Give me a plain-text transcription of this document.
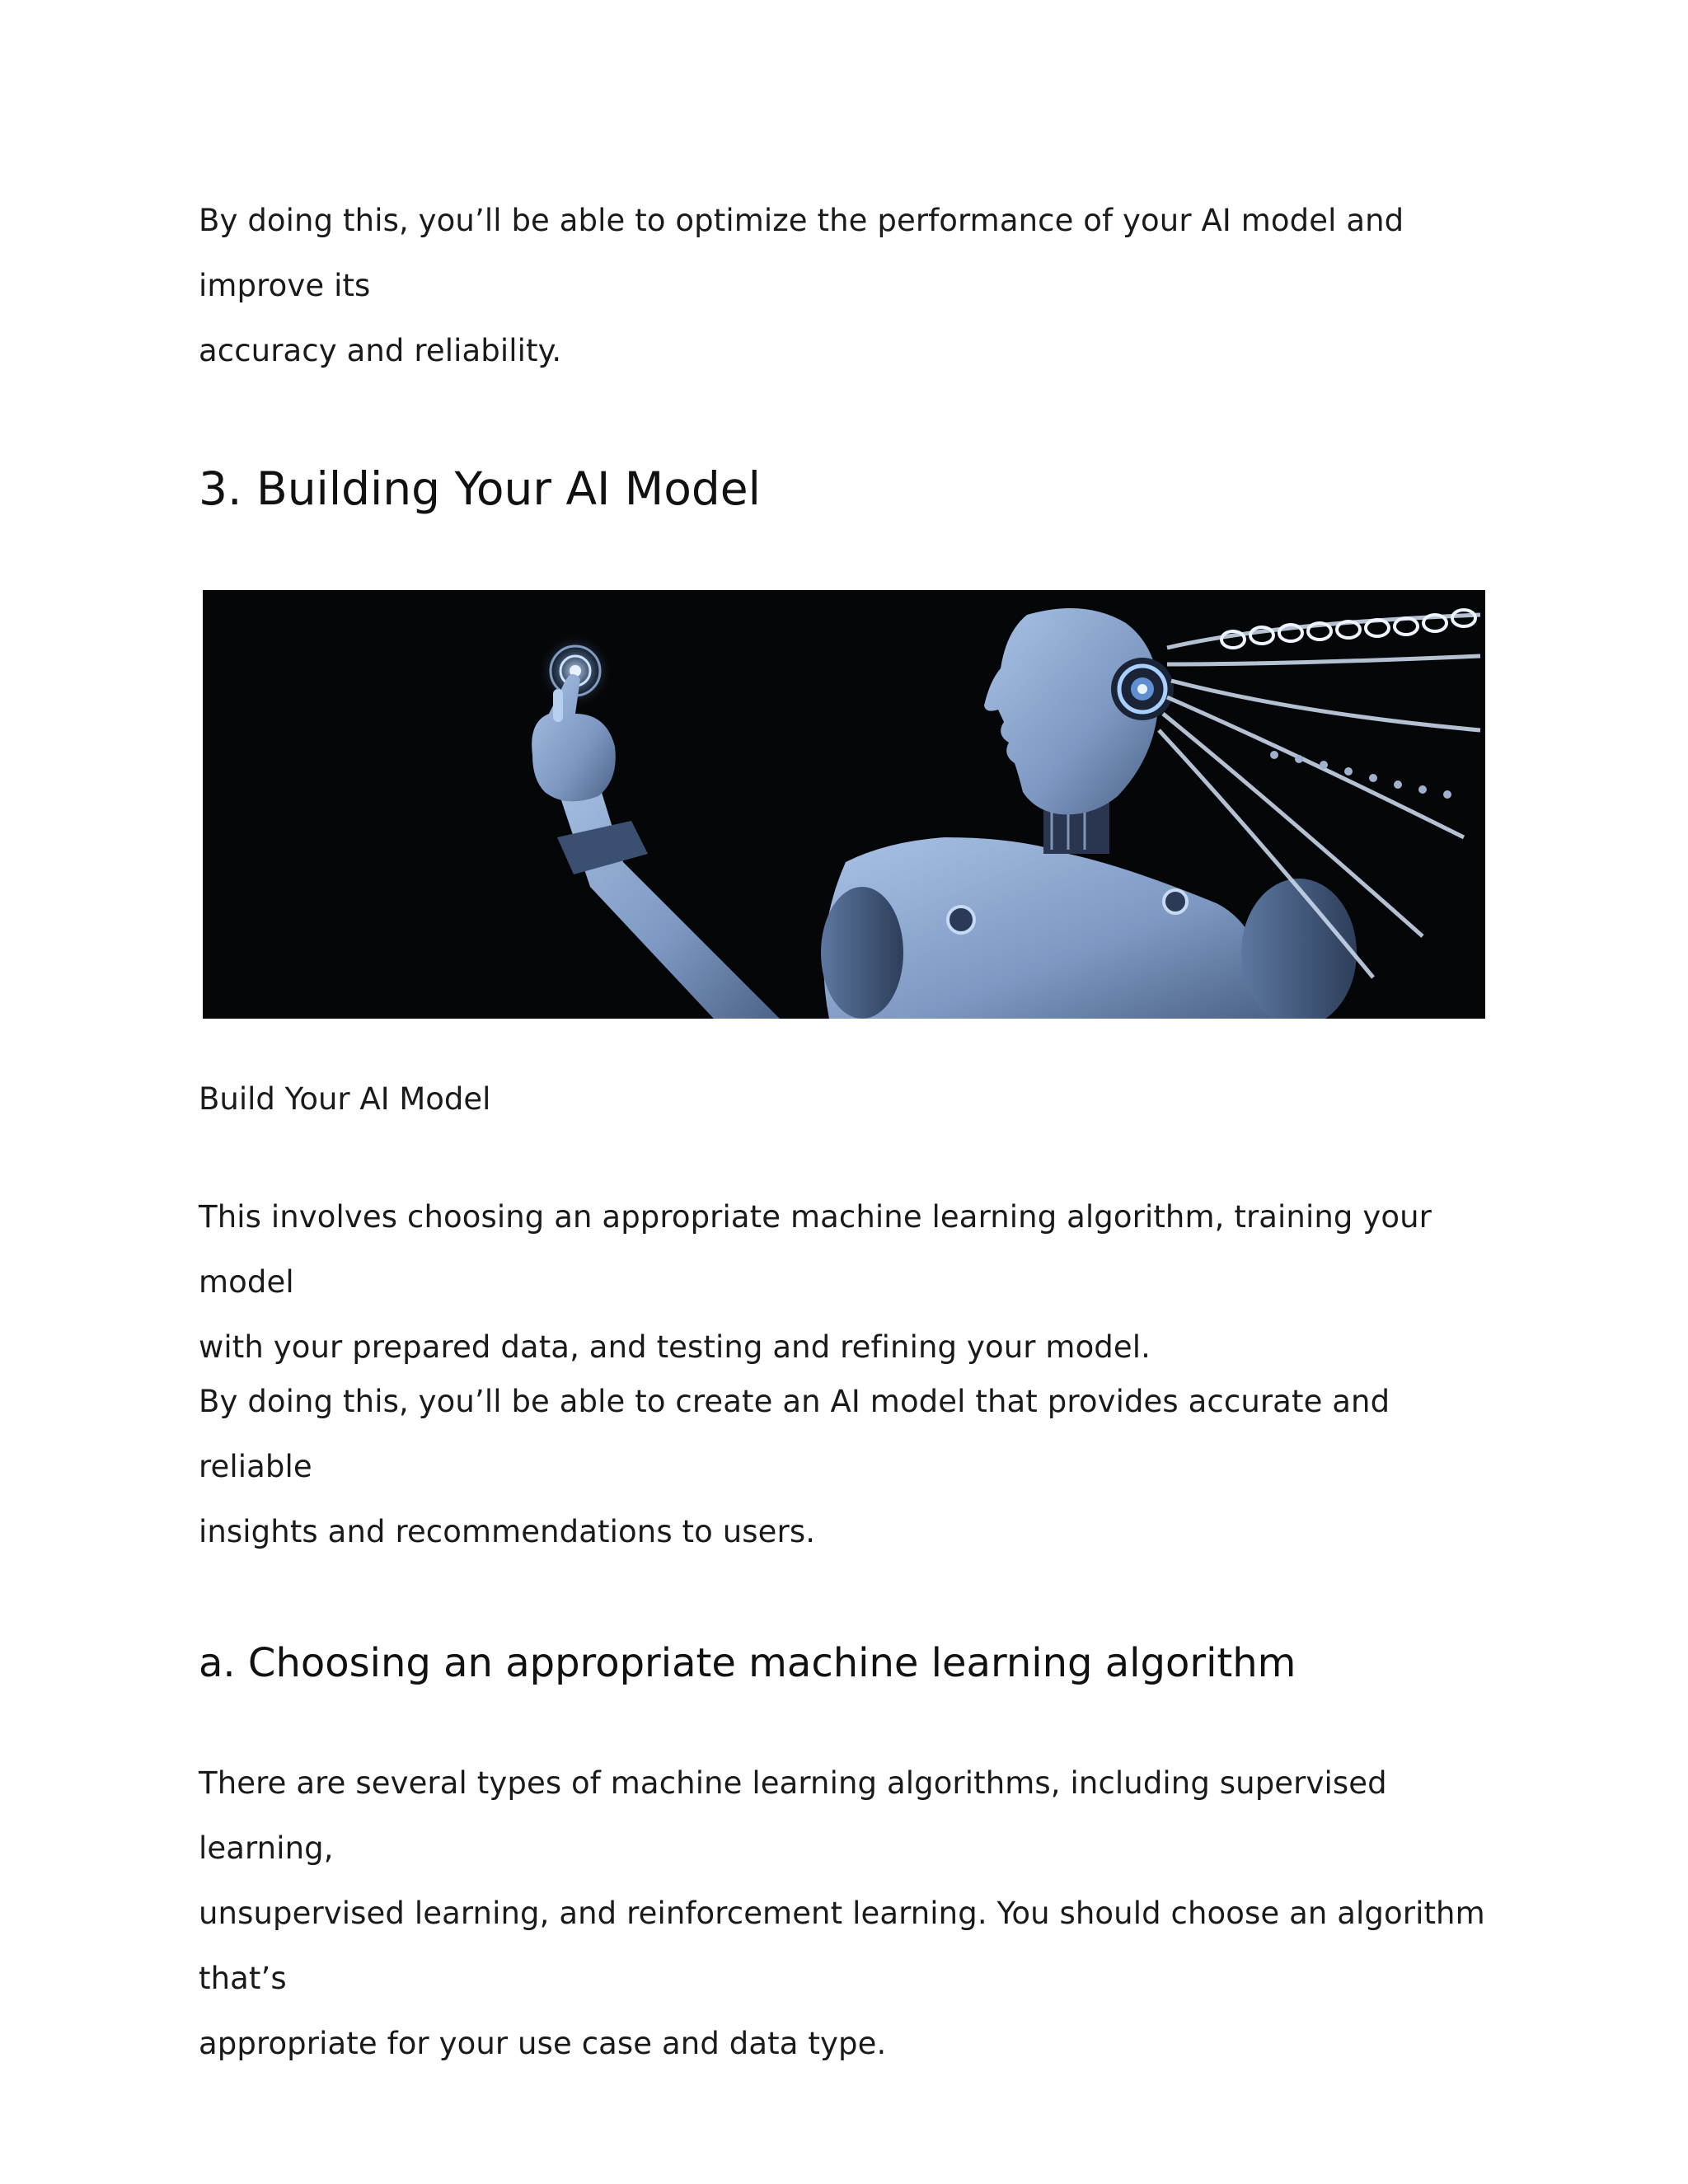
By doing this, you’ll be able to optimize the performance of your AI model and improve its

accuracy and reliability.

3. Building Your AI Model

Build Your AI Model

This involves choosing an appropriate machine learning algorithm, training your model

with your prepared data, and testing and refining your model.

By doing this, you’ll be able to create an AI model that provides accurate and reliable

insights and recommendations to users.

a. Choosing an appropriate machine learning algorithm

There are several types of machine learning algorithms, including supervised learning,

unsupervised learning, and reinforcement learning. You should choose an algorithm that’s

appropriate for your use case and data type.
